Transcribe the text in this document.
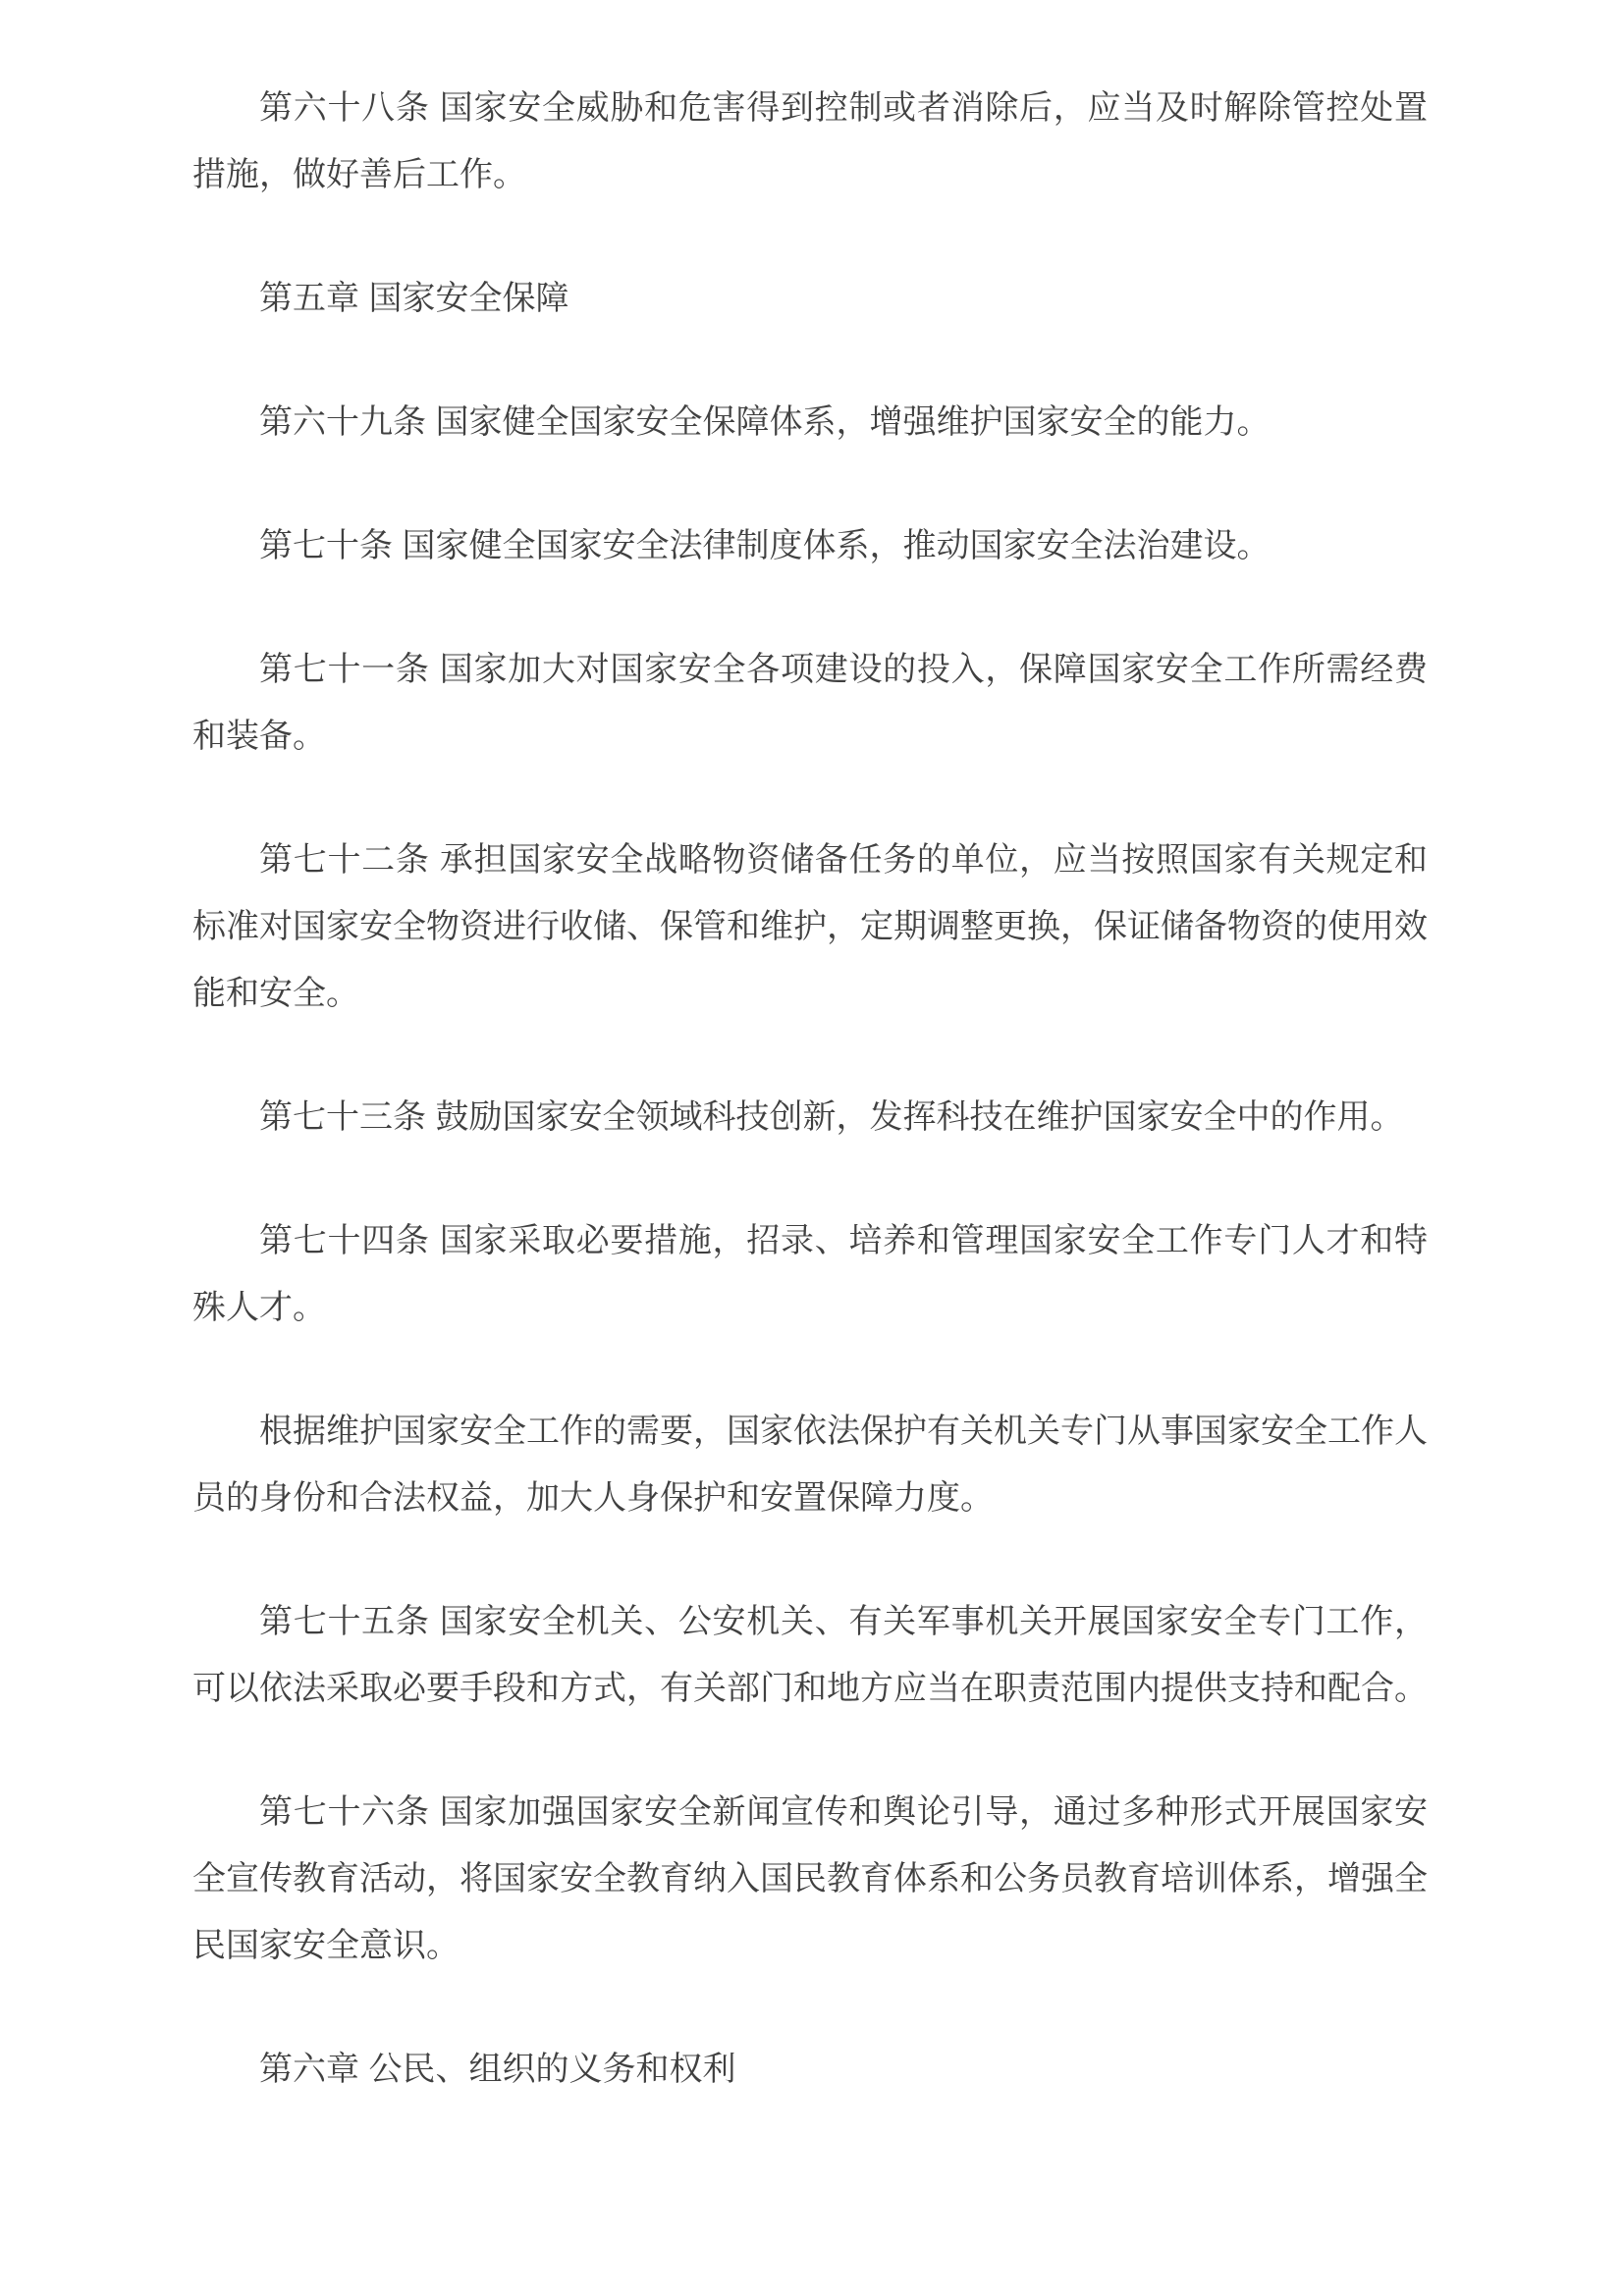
第六十八条 国家安全威胁和危害得到控制或者消除后，应当及时解除管控处置措施，做好善后工作。

第五章 国家安全保障

第六十九条 国家健全国家安全保障体系，增强维护国家安全的能力。

第七十条 国家健全国家安全法律制度体系，推动国家安全法治建设。

第七十一条 国家加大对国家安全各项建设的投入，保障国家安全工作所需经费和装备。

第七十二条 承担国家安全战略物资储备任务的单位，应当按照国家有关规定和标准对国家安全物资进行收储、保管和维护，定期调整更换，保证储备物资的使用效能和安全。

第七十三条 鼓励国家安全领域科技创新，发挥科技在维护国家安全中的作用。

第七十四条 国家采取必要措施，招录、培养和管理国家安全工作专门人才和特殊人才。

根据维护国家安全工作的需要，国家依法保护有关机关专门从事国家安全工作人员的身份和合法权益，加大人身保护和安置保障力度。

第七十五条 国家安全机关、公安机关、有关军事机关开展国家安全专门工作，可以依法采取必要手段和方式，有关部门和地方应当在职责范围内提供支持和配合。

第七十六条 国家加强国家安全新闻宣传和舆论引导，通过多种形式开展国家安全宣传教育活动，将国家安全教育纳入国民教育体系和公务员教育培训体系，增强全民国家安全意识。

第六章 公民、组织的义务和权利
